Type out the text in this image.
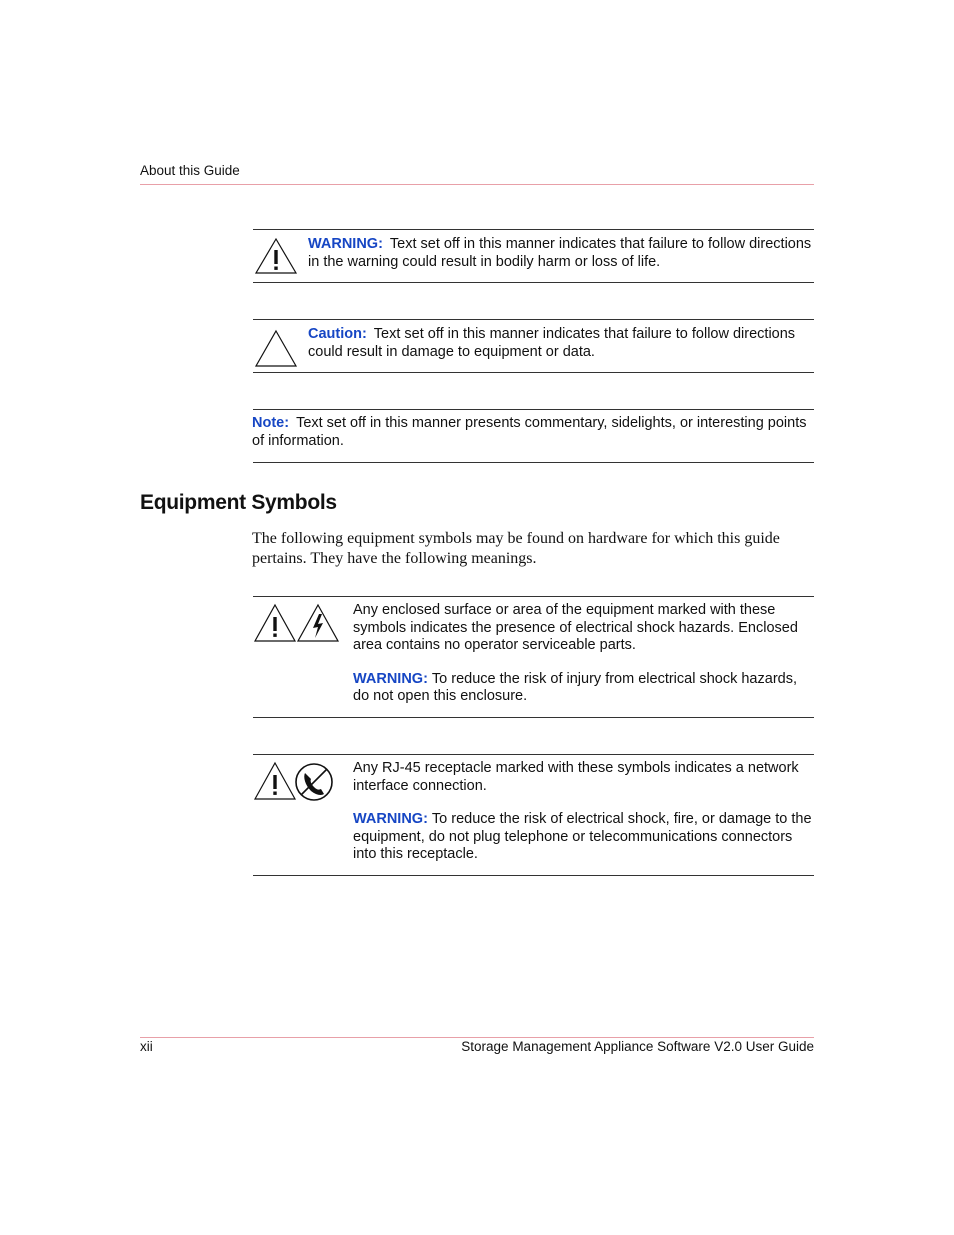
About this Guide
WARNING: Text set off in this manner indicates that failure to follow directions in the warning could result in bodily harm or loss of life.
Caution: Text set off in this manner indicates that failure to follow directions could result in damage to equipment or data.
Note: Text set off in this manner presents commentary, sidelights, or interesting points of information.
Equipment Symbols
The following equipment symbols may be found on hardware for which this guide pertains. They have the following meanings.

Any enclosed surface or area of the equipment marked with these symbols indicates the presence of electrical shock hazards. Enclosed area contains no operator serviceable parts.

WARNING: To reduce the risk of injury from electrical shock hazards, do not open this enclosure.

Any RJ-45 receptacle marked with these symbols indicates a network interface connection.

WARNING: To reduce the risk of electrical shock, fire, or damage to the equipment, do not plug telephone or telecommunications connectors into this receptacle.

xii	Storage Management Appliance Software V2.0 User Guide
